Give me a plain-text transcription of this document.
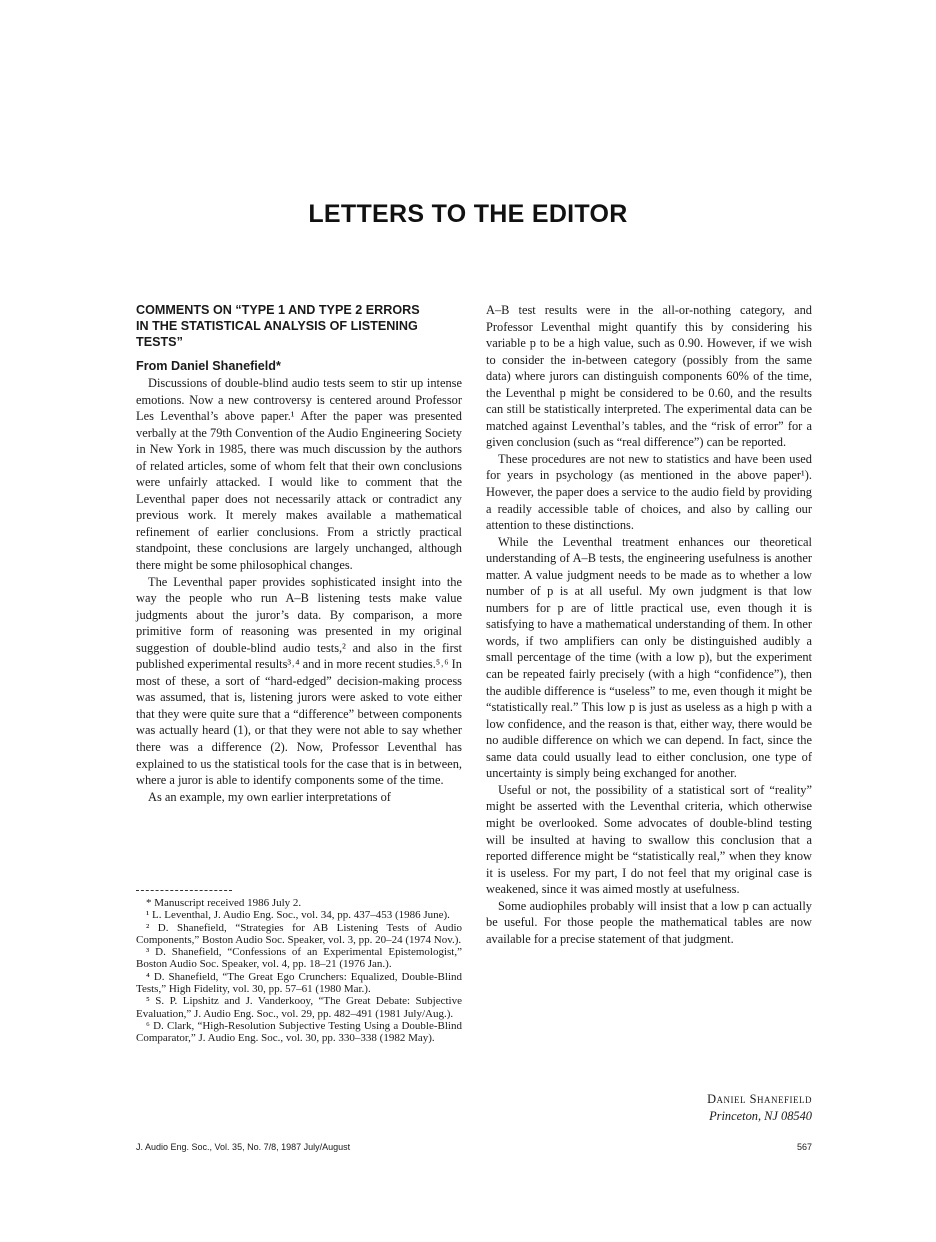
LETTERS TO THE EDITOR
COMMENTS ON “TYPE 1 AND TYPE 2 ERRORS
IN THE STATISTICAL ANALYSIS OF LISTENING
TESTS”
From Daniel Shanefield*

Discussions of double-blind audio tests seem to stir up intense emotions. Now a new controversy is centered around Professor Les Leventhal’s above paper.¹ After the paper was presented verbally at the 79th Convention of the Audio Engineering Society in New York in 1985, there was much discussion by the authors of related articles, some of whom felt that their own conclusions were unfairly attacked. I would like to comment that the Leventhal paper does not necessarily attack or contradict any previous work. It merely makes available a mathematical refinement of earlier conclusions. From a strictly practical standpoint, these conclusions are largely unchanged, although there might be some philosophical changes.

The Leventhal paper provides sophisticated insight into the way the people who run A–B listening tests make value judgments about the juror’s data. By comparison, a more primitive form of reasoning was presented in my original suggestion of double-blind audio tests,² and also in the first published experimental results³˒⁴ and in more recent studies.⁵˒⁶ In most of these, a sort of “hard-edged” decision-making process was assumed, that is, listening jurors were asked to vote either that they were quite sure that a “difference” between components was actually heard (1), or that they were not able to say whether there was a difference (2). Now, Professor Leventhal has explained to us the statistical tools for the case that is in between, where a juror is able to identify components some of the time.

As an example, my own earlier interpretations of

* Manuscript received 1986 July 2.

¹ L. Leventhal, J. Audio Eng. Soc., vol. 34, pp. 437–453 (1986 June).

² D. Shanefield, “Strategies for AB Listening Tests of Audio Components,” Boston Audio Soc. Speaker, vol. 3, pp. 20–24 (1974 Nov.).

³ D. Shanefield, “Confessions of an Experimental Epistemologist,” Boston Audio Soc. Speaker, vol. 4, pp. 18–21 (1976 Jan.).

⁴ D. Shanefield, “The Great Ego Crunchers: Equalized, Double-Blind Tests,” High Fidelity, vol. 30, pp. 57–61 (1980 Mar.).

⁵ S. P. Lipshitz and J. Vanderkooy, “The Great Debate: Subjective Evaluation,” J. Audio Eng. Soc., vol. 29, pp. 482–491 (1981 July/Aug.).

⁶ D. Clark, “High-Resolution Subjective Testing Using a Double-Blind Comparator,” J. Audio Eng. Soc., vol. 30, pp. 330–338 (1982 May).

A–B test results were in the all-or-nothing category, and Professor Leventhal might quantify this by considering his variable p to be a high value, such as 0.90. However, if we wish to consider the in-between category (possibly from the same data) where jurors can distinguish components 60% of the time, the Leventhal p might be considered to be 0.60, and the results can still be statistically interpreted. The experimental data can be matched against Leventhal’s tables, and the “risk of error” for a given conclusion (such as “real difference”) can be reported.

These procedures are not new to statistics and have been used for years in psychology (as mentioned in the above paper¹). However, the paper does a service to the audio field by providing a readily accessible table of choices, and also by calling our attention to these distinctions.

While the Leventhal treatment enhances our theoretical understanding of A–B tests, the engineering usefulness is another matter. A value judgment needs to be made as to whether a low number of p is at all useful. My own judgment is that low numbers for p are of little practical use, even though it is satisfying to have a mathematical understanding of them. In other words, if two amplifiers can only be distinguished audibly a small percentage of the time (with a low p), but the experiment can be repeated fairly precisely (with a high “confidence”), then the audible difference is “useless” to me, even though it might be “statistically real.” This low p is just as useless as a high p with a low confidence, and the reason is that, either way, there would be no audible difference on which we can depend. In fact, since the same data could usually lead to either conclusion, one type of uncertainty is simply being exchanged for another.

Useful or not, the possibility of a statistical sort of “reality” might be asserted with the Leventhal criteria, which otherwise might be overlooked. Some advocates of double-blind testing will be insulted at having to swallow this conclusion that a reported difference might be “statistically real,” when they know it is useless. For my part, I do not feel that my original case is weakened, since it was aimed mostly at usefulness.

Some audiophiles probably will insist that a low p can actually be useful. For those people the mathematical tables are now available for a precise statement of that judgment.

Daniel Shanefield
Princeton, NJ 08540
J. Audio Eng. Soc., Vol. 35, No. 7/8, 1987 July/August	567
